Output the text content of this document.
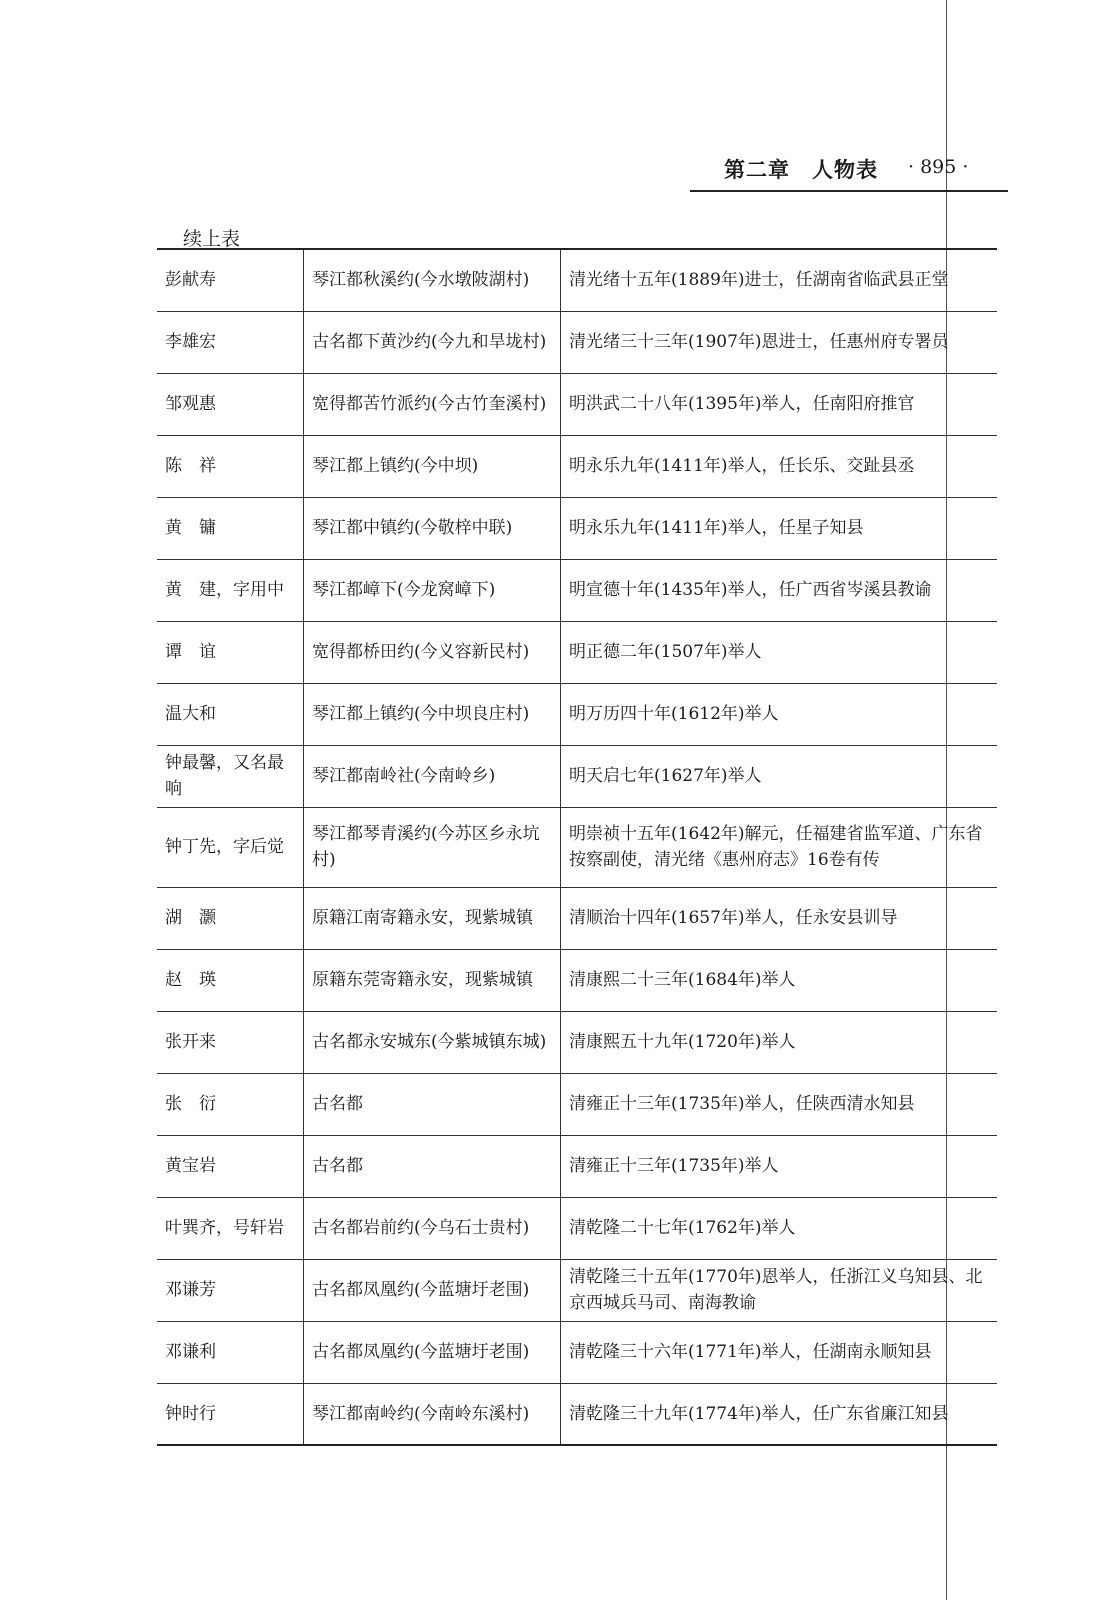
第二章　人物表 · 895 ·
续上表
彭献寿	琴江都秋溪约(今水墩陂湖村)	清光绪十五年(1889年)进士，任湖南省临武县正堂
李雄宏	古名都下黄沙约(今九和旱垅村)	清光绪三十三年(1907年)恩进士，任惠州府专署员
邹观惠	宽得都苦竹派约(今古竹奎溪村)	明洪武二十八年(1395年)举人，任南阳府推官
陈　祥	琴江都上镇约(今中坝)	明永乐九年(1411年)举人，任长乐、交趾县丞
黄　镛	琴江都中镇约(今敬梓中联)	明永乐九年(1411年)举人，任星子知县
黄　建，字用中	琴江都嶂下(今龙窝嶂下)	明宣德十年(1435年)举人，任广西省岑溪县教谕
谭　谊	宽得都桥田约(今义容新民村)	明正德二年(1507年)举人
温大和	琴江都上镇约(今中坝良庄村)	明万历四十年(1612年)举人
钟最馨，又名最响	琴江都南岭社(今南岭乡)	明天启七年(1627年)举人
钟丁先，字后觉	琴江都琴青溪约(今苏区乡永坑村)	明崇祯十五年(1642年)解元，任福建省监军道、广东省按察副使，清光绪《惠州府志》16卷有传
湖　灏	原籍江南寄籍永安，现紫城镇	清顺治十四年(1657年)举人，任永安县训导
赵　瑛	原籍东莞寄籍永安，现紫城镇	清康熙二十三年(1684年)举人
张开来	古名都永安城东(今紫城镇东城)	清康熙五十九年(1720年)举人
张　衍	古名都	清雍正十三年(1735年)举人，任陕西清水知县
黄宝岩	古名都	清雍正十三年(1735年)举人
叶巽齐，号轩岩	古名都岩前约(今乌石士贵村)	清乾隆二十七年(1762年)举人
邓谦芳	古名都凤凰约(今蓝塘圩老围)	清乾隆三十五年(1770年)恩举人，任浙江义乌知县、北京西城兵马司、南海教谕
邓谦利	古名都凤凰约(今蓝塘圩老围)	清乾隆三十六年(1771年)举人，任湖南永顺知县
钟时行	琴江都南岭约(今南岭东溪村)	清乾隆三十九年(1774年)举人，任广东省廉江知县
